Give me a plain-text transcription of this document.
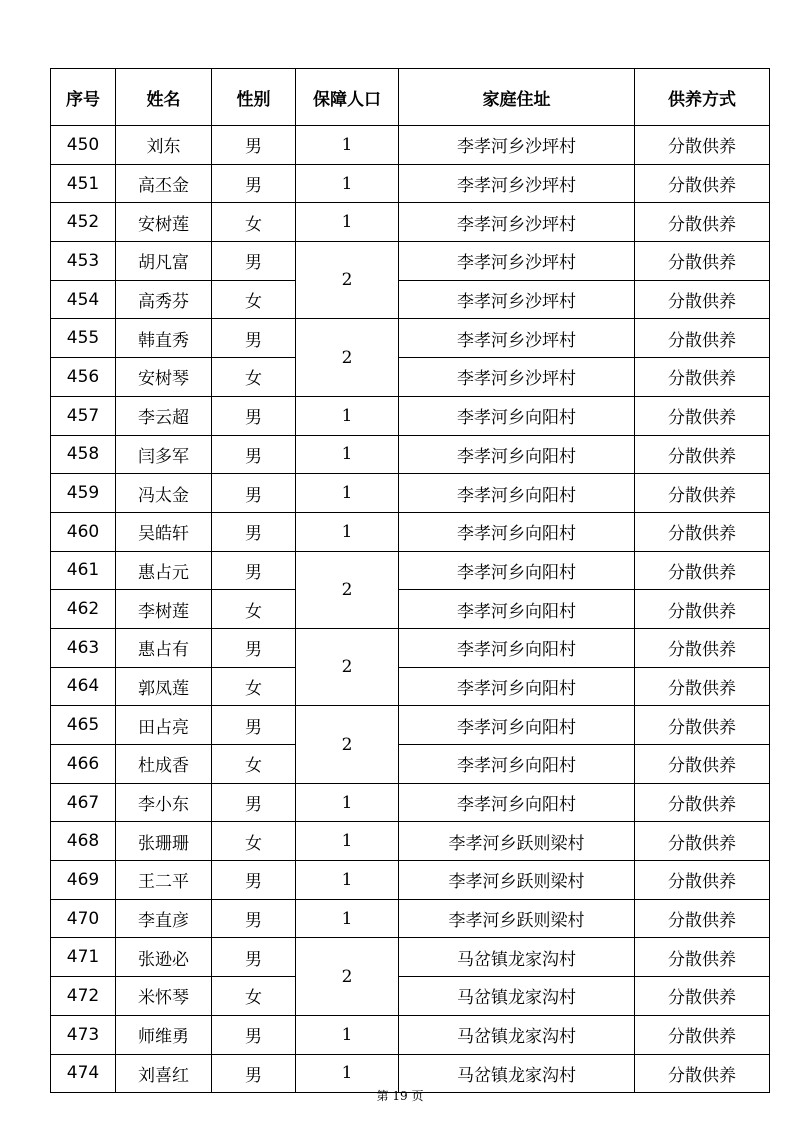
序号	姓名	性别	保障人口	家庭住址	供养方式
450	刘东	男	1	李孝河乡沙坪村	分散供养
451	高丕金	男	1	李孝河乡沙坪村	分散供养
452	安树莲	女	1	李孝河乡沙坪村	分散供养
453	胡凡富	男	2	李孝河乡沙坪村	分散供养
454	高秀芬	女		李孝河乡沙坪村	分散供养
455	韩直秀	男	2	李孝河乡沙坪村	分散供养
456	安树琴	女		李孝河乡沙坪村	分散供养
457	李云超	男	1	李孝河乡向阳村	分散供养
458	闫多军	男	1	李孝河乡向阳村	分散供养
459	冯太金	男	1	李孝河乡向阳村	分散供养
460	吴皓轩	男	1	李孝河乡向阳村	分散供养
461	惠占元	男	2	李孝河乡向阳村	分散供养
462	李树莲	女		李孝河乡向阳村	分散供养
463	惠占有	男	2	李孝河乡向阳村	分散供养
464	郭凤莲	女		李孝河乡向阳村	分散供养
465	田占亮	男	2	李孝河乡向阳村	分散供养
466	杜成香	女		李孝河乡向阳村	分散供养
467	李小东	男	1	李孝河乡向阳村	分散供养
468	张珊珊	女	1	李孝河乡跃则梁村	分散供养
469	王二平	男	1	李孝河乡跃则梁村	分散供养
470	李直彦	男	1	李孝河乡跃则梁村	分散供养
471	张逊必	男	2	马岔镇龙家沟村	分散供养
472	米怀琴	女		马岔镇龙家沟村	分散供养
473	师维勇	男	1	马岔镇龙家沟村	分散供养
474	刘喜红	男	1	马岔镇龙家沟村	分散供养
第 19 页
